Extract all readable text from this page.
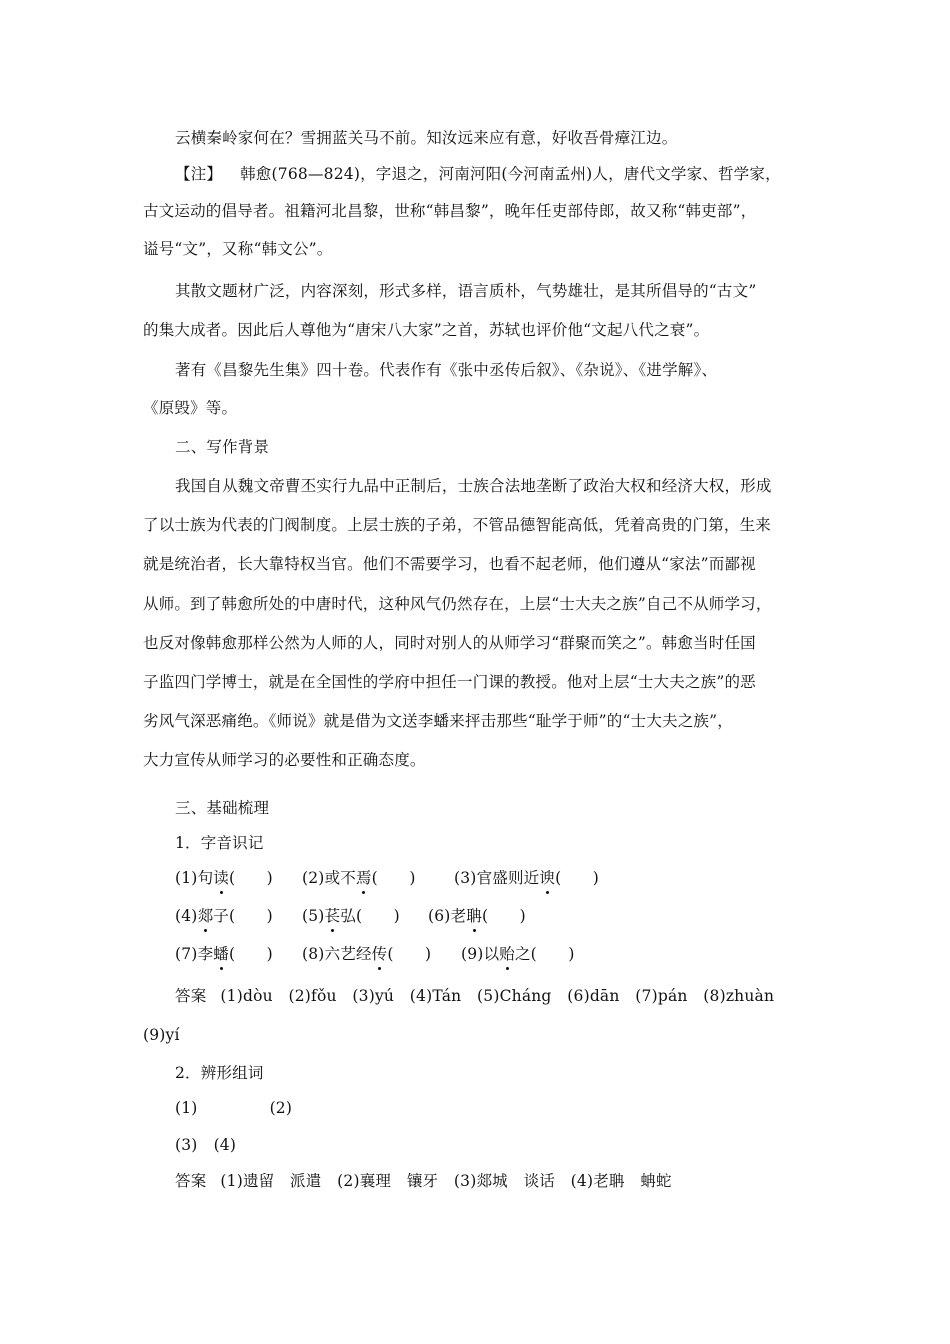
云横秦岭家何在？雪拥蓝关马不前。知汝远来应有意，好收吾骨瘴江边。
【注】 韩愈(768—824)，字退之，河南河阳(今河南孟州)人，唐代文学家、哲学家，
古文运动的倡导者。祖籍河北昌黎，世称“韩昌黎”，晚年任吏部侍郎，故又称“韩吏部”，
谥号“文”，又称“韩文公”。
其散文题材广泛，内容深刻，形式多样，语言质朴，气势雄壮，是其所倡导的“古文”
的集大成者。因此后人尊他为“唐宋八大家”之首，苏轼也评价他“文起八代之衰”。
著有《昌黎先生集》四十卷。代表作有《张中丞传后叙》、《杂说》、《进学解》、
《原毁》等。
二、写作背景
我国自从魏文帝曹丕实行九品中正制后，士族合法地垄断了政治大权和经济大权，形成
了以士族为代表的门阀制度。上层士族的子弟，不管品德智能高低，凭着高贵的门第，生来
就是统治者，长大靠特权当官。他们不需要学习，也看不起老师，他们遵从“家法”而鄙视
从师。到了韩愈所处的中唐时代，这种风气仍然存在，上层“士大夫之族”自己不从师学习，
也反对像韩愈那样公然为人师的人，同时对别人的从师学习“群聚而笑之”。韩愈当时任国
子监四门学博士，就是在全国性的学府中担任一门课的教授。他对上层“士大夫之族”的恶
劣风气深恶痛绝。《师说》就是借为文送李蟠来抨击那些“耻学于师”的“士大夫之族”，
大力宣传从师学习的必要性和正确态度。
三、基础梳理
1．字音识记
(1)句读(　　) (2)或不焉(　　) (3)官盛则近谀(　　)
(4)郯子(　　) (5)苌弘(　　) (6)老聃(　　)
(7)李蟠(　　) (8)六艺经传(　　) (9)以贻之(　　)
答案 (1)dòu　(2)fǒu　(3)yú　(4)Tán　(5)Cháng　(6)dān　(7)pán　(8)zhuàn
(9)yí
2．辨形组词
(1)	(2)
(3) (4)
答案 (1)遗留　派遣　(2)襄理　镶牙　(3)郯城　谈话　(4)老聃　蚺蛇
